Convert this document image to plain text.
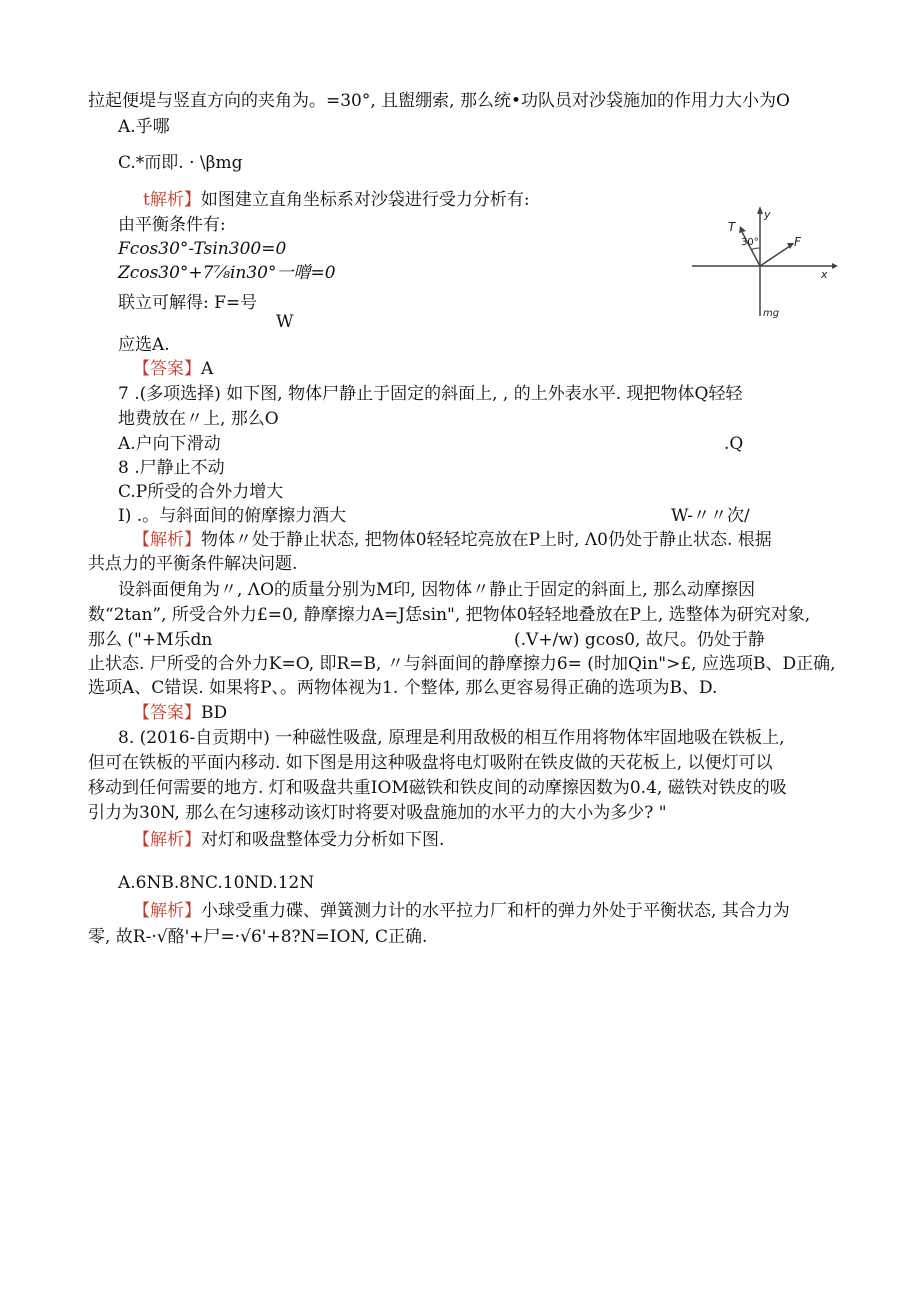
拉起便堤与竖直方向的夹角为。=30°, 且盥绷索, 那么统•功队员对沙袋施加的作用力大小为O
A.乎哪
C.*而即. · \βmg
t解析】如图建立直角坐标系对沙袋进行受力分析有:
由平衡条件有:
Fcos30°-Tsin300=0
Zcos30°+7⅞in30°一噌=0
联立可解得: F=号
W
应选A.
【答案】A
T
y
30°	F
x
mg
7 .(多项选择) 如下图, 物体尸静止于固定的斜面上, , 的上外表水平. 现把物体Q轻轻
地费放在〃上, 那么O
A.户向下滑动	.Q
8 .尸静止不动
C.P所受的合外力增大
I) .。与斜面间的俯摩擦力酒大	W-〃〃次/
【解析】物体〃处于静止状态, 把物体0轻轻坨亮放在P上时, Λ0仍处于静止状态. 根据
共点力的平衡条件解决问题.
设斜面便角为〃, ΛO的质量分别为M印, 因物体〃静止于固定的斜面上, 那么动摩擦因
数“2tan”, 所受合外力£=0, 静摩擦力A=J恁sin", 把物体0轻轻地叠放在P上, 选整体为研究对象,
那么 ("+M乐dn	(.V+/w) gcos0, 故尺。仍处于静
止状态. 尸所受的合外力K=O, 即R=B, 〃与斜面间的静摩擦力6= (时加Qin">£, 应选项B、D正确,
选项A、C错误. 如果将P、。两物体视为1. 个整体, 那么更容易得正确的选项为B、D.
【答案】BD
8. (2016-自贡期中) 一种磁性吸盘, 原理是利用敌极的相互作用将物体牢固地吸在铁板上,
但可在铁板的平面内移动. 如下图是用这种吸盘将电灯吸附在铁皮做的天花板上, 以便灯可以
移动到任何需要的地方. 灯和吸盘共重IOM磁铁和铁皮间的动摩擦因数为0.4, 磁铁对铁皮的吸
引力为30N, 那么在匀速移动该灯时将要对吸盘施加的水平力的大小为多少? "
【解析】对灯和吸盘整体受力分析如下图.
A.6NB.8NC.10ND.12N
【解析】小球受重力碟、弹簧测力计的水平拉力厂和杆的弹力外处于平衡状态, 其合力为
零, 故R-·√酪'+尸=·√6'+8?N=ION, C正确.
